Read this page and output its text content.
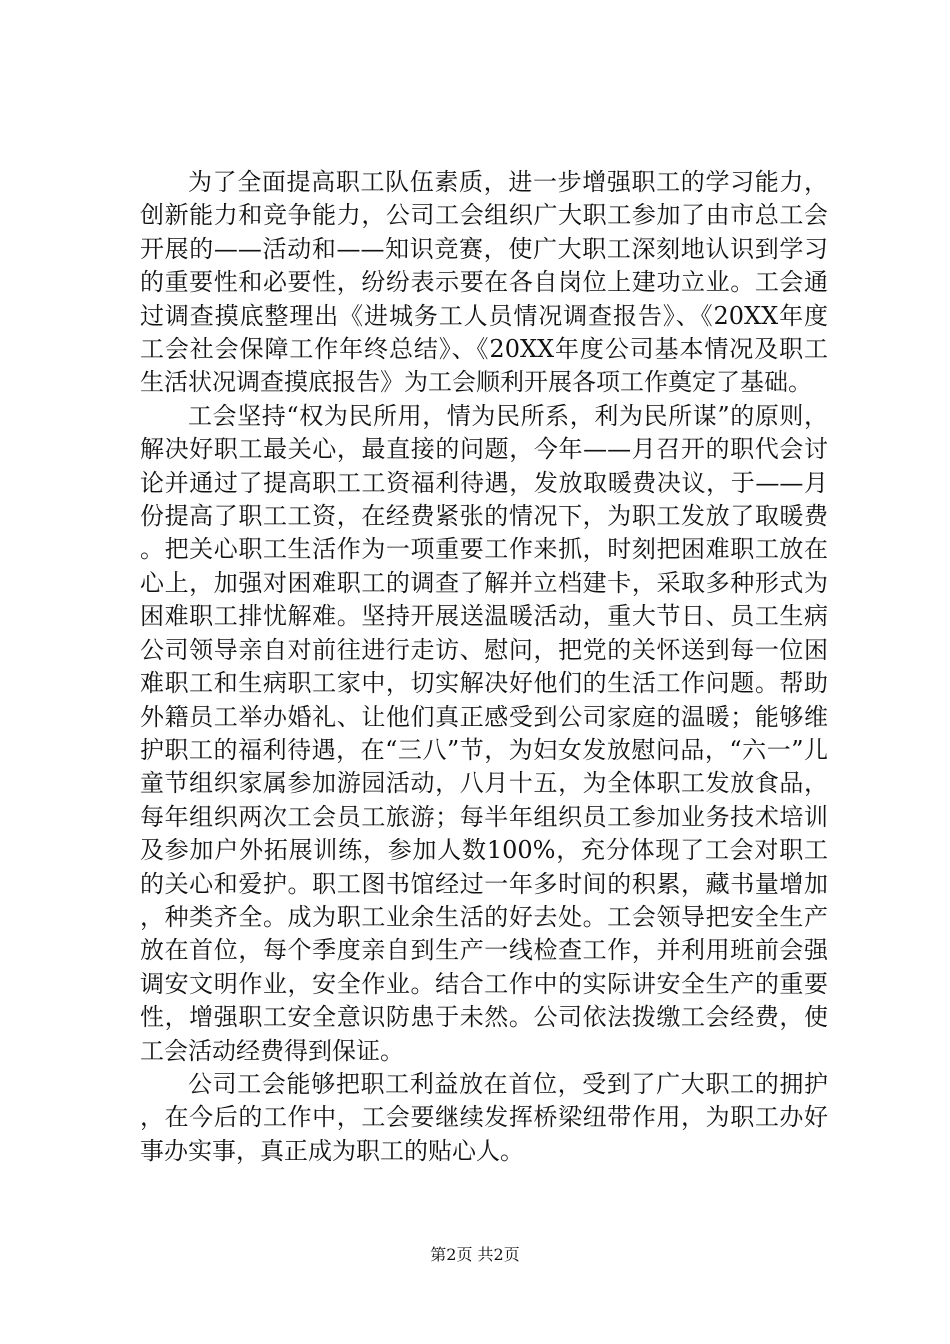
为了全面提高职工队伍素质，进一步增强职工的学习能力，创新能力和竞争能力，公司工会组织广大职工参加了由市总工会开展的——活动和——知识竞赛，使广大职工深刻地认识到学习的重要性和必要性，纷纷表示要在各自岗位上建功立业。工会通过调查摸底整理出《进城务工人员情况调查报告》、《20XX年度工会社会保障工作年终总结》、《20XX年度公司基本情况及职工生活状况调查摸底报告》为工会顺利开展各项工作奠定了基础。

工会坚持“权为民所用，情为民所系，利为民所谋”的原则，解决好职工最关心，最直接的问题，今年——月召开的职代会讨论并通过了提高职工工资福利待遇，发放取暖费决议，于——月份提高了职工工资，在经费紧张的情况下，为职工发放了取暖费。把关心职工生活作为一项重要工作来抓，时刻把困难职工放在心上，加强对困难职工的调查了解并立档建卡，采取多种形式为困难职工排忧解难。坚持开展送温暖活动，重大节日、员工生病公司领导亲自对前往进行走访、慰问，把党的关怀送到每一位困难职工和生病职工家中，切实解决好他们的生活工作问题。帮助外籍员工举办婚礼、让他们真正感受到公司家庭的温暖；能够维护职工的福利待遇，在“三八”节，为妇女发放慰问品，“六一”儿童节组织家属参加游园活动，八月十五，为全体职工发放食品，每年组织两次工会员工旅游；每半年组织员工参加业务技术培训及参加户外拓展训练，参加人数100%，充分体现了工会对职工的关心和爱护。职工图书馆经过一年多时间的积累，藏书量增加，种类齐全。成为职工业余生活的好去处。工会领导把安全生产放在首位，每个季度亲自到生产一线检查工作，并利用班前会强调安文明作业，安全作业。结合工作中的实际讲安全生产的重要性，增强职工安全意识防患于未然。公司依法拨缴工会经费，使工会活动经费得到保证。

公司工会能够把职工利益放在首位，受到了广大职工的拥护，在今后的工作中，工会要继续发挥桥梁纽带作用，为职工办好事办实事，真正成为职工的贴心人。

第2页 共2页
